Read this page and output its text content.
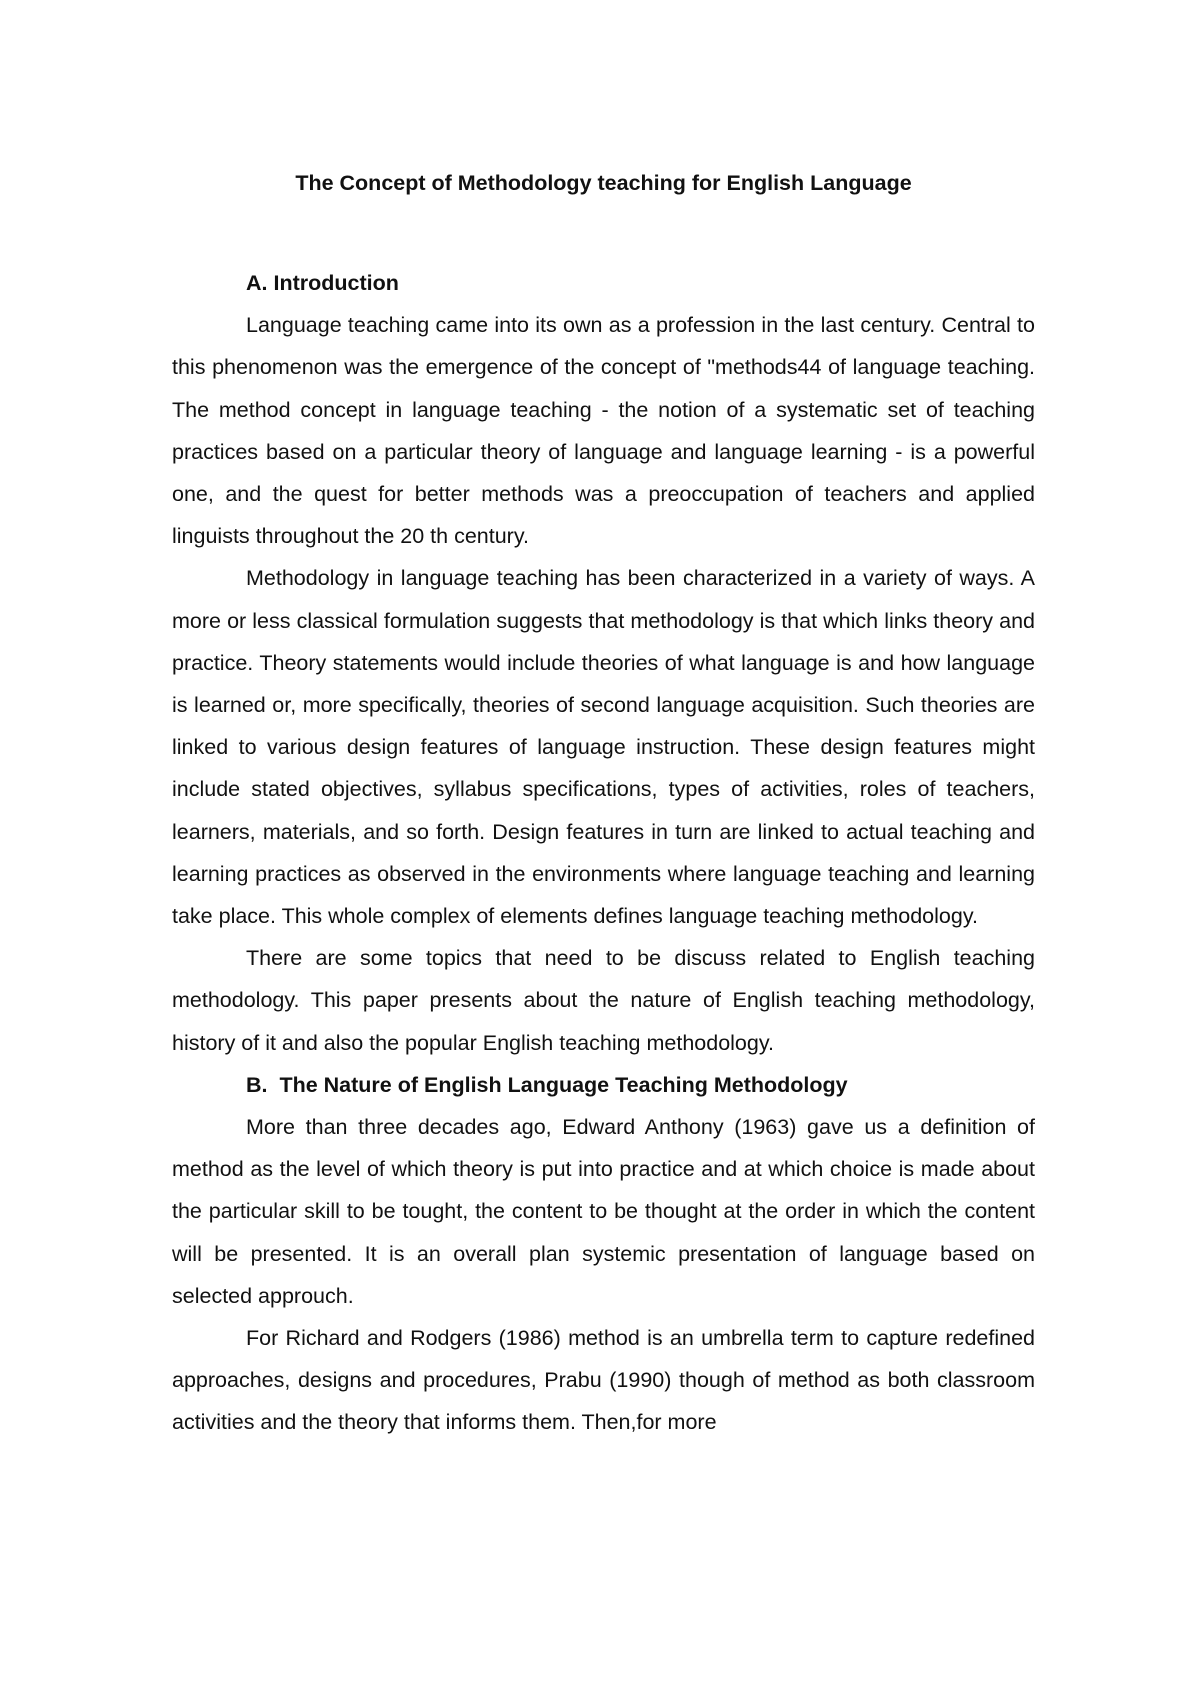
The Concept of Methodology teaching for English Language

A. Introduction

Language teaching came into its own as a profession in the last century. Central to this phenomenon was the emergence of the concept of "methods44 of language teaching. The method concept in language teaching - the notion of a systematic set of teaching practices based on a particular theory of language and language learning - is a powerful one, and the quest for better methods was a preoccupation of teachers and applied linguists throughout the 20 th century.

Methodology in language teaching has been characterized in a variety of ways. A more or less classical formulation suggests that methodology is that which links theory and practice. Theory statements would include theories of what language is and how language is learned or, more specifically, theories of second language acquisition. Such theories are linked to various design features of language instruction. These design features might include stated objectives, syllabus specifications, types of activities, roles of teachers, learners, materials, and so forth. Design features in turn are linked to actual teaching and learning practices as observed in the environments where language teaching and learning take place. This whole complex of elements defines language teaching methodology.

There are some topics that need to be discuss related to English teaching methodology. This paper presents about the nature of English teaching methodology, history of it and also the popular English teaching methodology.

B.  The Nature of English Language Teaching Methodology

More than three decades ago, Edward Anthony (1963) gave us a definition of method as the level of which theory is put into practice and at which choice is made about the particular skill to be tought, the content to be thought at the order in which the content will be presented. It is an overall plan systemic presentation of language based on selected approuch.

For Richard and Rodgers (1986) method is an umbrella term to capture redefined approaches, designs and procedures, Prabu (1990) though of method as both classroom activities and the theory that informs them. Then,for more
